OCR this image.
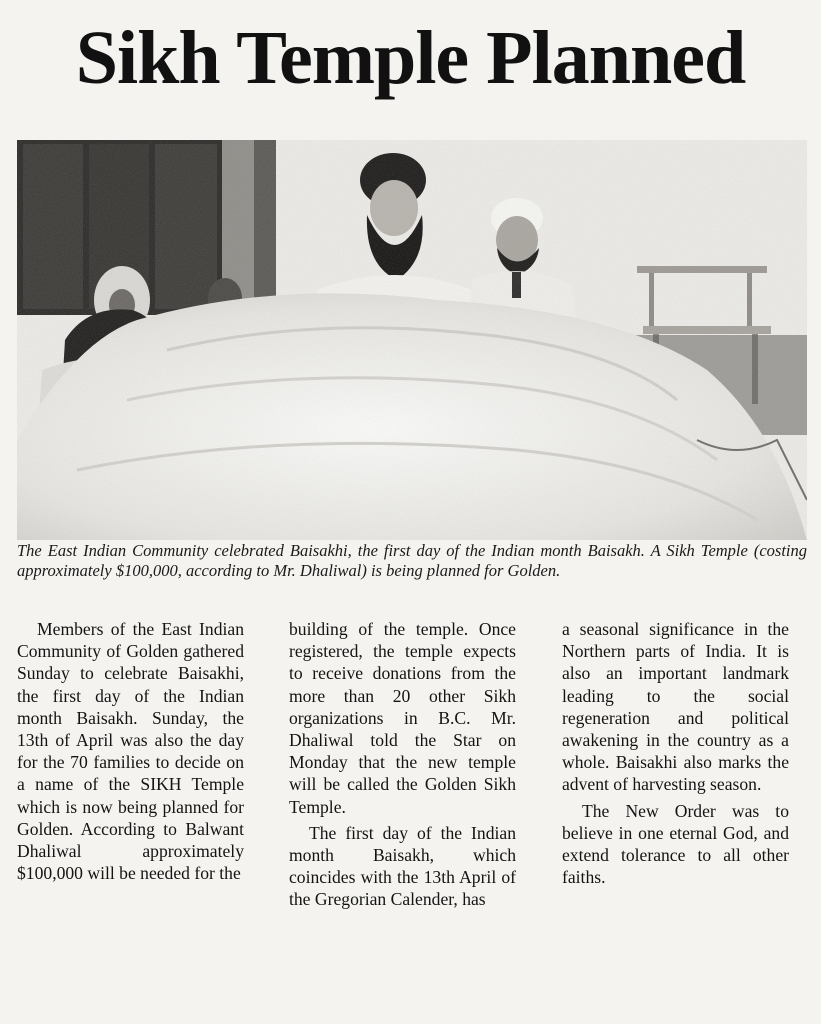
Sikh Temple Planned

The East Indian Community celebrated Baisakhi, the first day of the Indian month Baisakh. A Sikh Temple (costing approximately $100,000, according to Mr. Dhaliwal) is being planned for Golden.

Members of the East Indian Community of Golden gathered Sunday to celebrate Baisakhi, the first day of the Indian month Baisakh. Sunday, the 13th of April was also the day for the 70 families to decide on a name of the SIKH Temple which is now being planned for Golden. According to Balwant Dhaliwal approximately $100,000 will be needed for the

building of the temple. Once registered, the temple expects to receive donations from the more than 20 other Sikh organizations in B.C. Mr. Dhaliwal told the Star on Monday that the new temple will be called the Golden Sikh Temple.

The first day of the Indian month Baisakh, which coincides with the 13th April of the Gregorian Calender, has

a seasonal significance in the Northern parts of India. It is also an important landmark leading to the social regeneration and political awakening in the country as a whole. Baisakhi also marks the advent of harvesting season.

The New Order was to believe in one eternal God, and extend tolerance to all other faiths.
